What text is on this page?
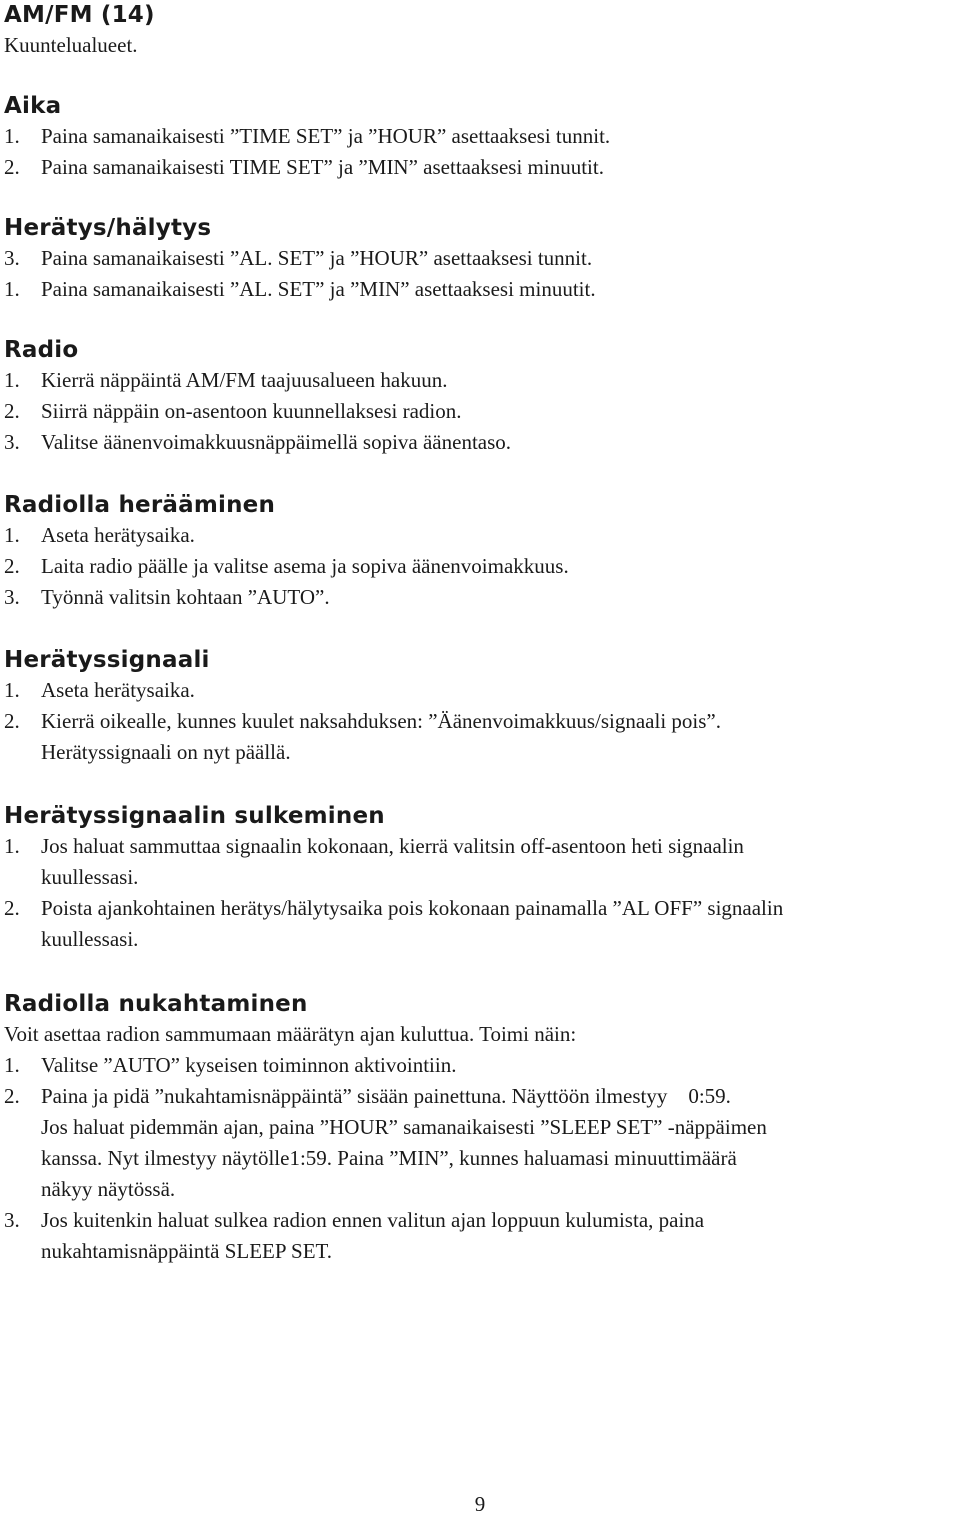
AM/FM (14)

Kuuntelualueet.

Aika
1.	Paina samanaikaisesti ”TIME SET” ja ”HOUR” asettaaksesi tunnit.
2.	Paina samanaikaisesti TIME SET” ja ”MIN” asettaaksesi minuutit.
Herätys/hälytys
3.	Paina samanaikaisesti ”AL. SET” ja ”HOUR” asettaaksesi tunnit.
1.	Paina samanaikaisesti ”AL. SET” ja ”MIN” asettaaksesi minuutit.
Radio
1.	Kierrä näppäintä AM/FM taajuusalueen hakuun.
2.	Siirrä näppäin on-asentoon kuunnellaksesi radion.
3.	Valitse äänenvoimakkuusnäppäimellä sopiva äänentaso.
Radiolla herääminen
1.	Aseta herätysaika.
2.	Laita radio päälle ja valitse asema ja sopiva äänenvoimakkuus.
3.	Työnnä valitsin kohtaan ”AUTO”.
Herätyssignaali
1.	Aseta herätysaika.
2.	Kierrä oikealle, kunnes kuulet naksahduksen: ”Äänenvoimakkuus/signaali pois”.
Herätyssignaali on nyt päällä.
Herätyssignaalin sulkeminen
1.	Jos haluat sammuttaa signaalin kokonaan, kierrä valitsin off-asentoon heti signaalin
kuullessasi.
2.	Poista ajankohtainen herätys/hälytysaika pois kokonaan painamalla ”AL OFF” signaalin
kuullessasi.
Radiolla nukahtaminen

Voit asettaa radion sammumaan määrätyn ajan kuluttua. Toimi näin:

1.	Valitse ”AUTO” kyseisen toiminnon aktivointiin.
2.	Paina ja pidä ”nukahtamisnäppäintä” sisään painettuna. Näyttöön ilmestyy    0:59.
Jos haluat pidemmän ajan, paina ”HOUR” samanaikaisesti ”SLEEP SET” -näppäimen
kanssa. Nyt ilmestyy näytölle1:59. Paina ”MIN”, kunnes haluamasi minuuttimäärä
näkyy näytössä.
3.	Jos kuitenkin haluat sulkea radion ennen valitun ajan loppuun kulumista, paina
nukahtamisnäppäintä SLEEP SET.
9
